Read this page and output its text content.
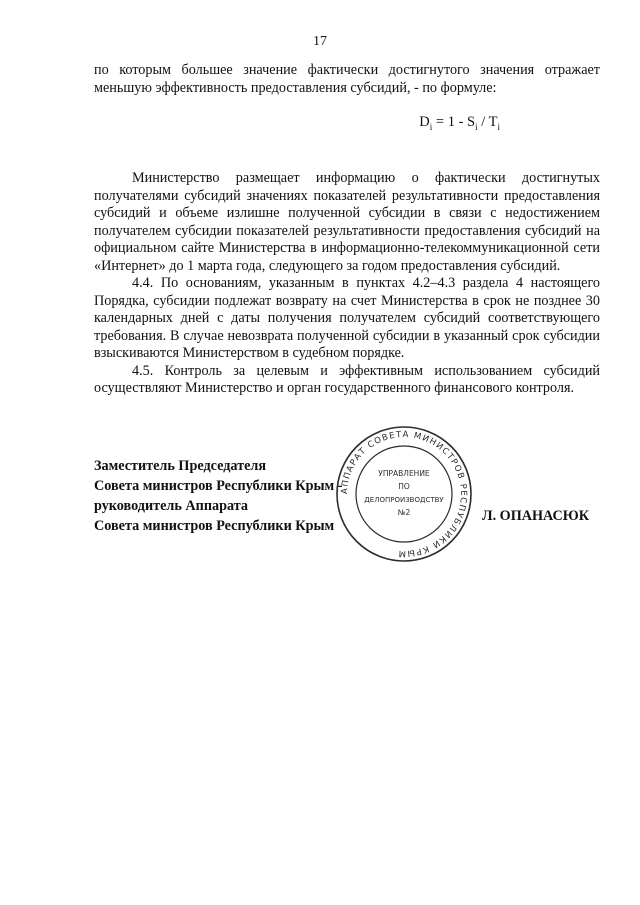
17

по которым большее значение фактически достигнутого значения отражает меньшую эффективность предоставления субсидий, - по формуле:

$D_i = 1 - S_i / T_i$

Министерство размещает информацию о фактически достигнутых получателями субсидий значениях показателей результативности предоставления субсидий и объеме излишне полученной субсидии в связи с недостижением получателем субсидии показателей результативности предоставления субсидий на официальном сайте Министерства в информационно-телекоммуникационной сети «Интернет» до 1 марта года, следующего за годом предоставления субсидий.

4.4. По основаниям, указанным в пунктах 4.2–4.3 раздела 4 настоящего Порядка, субсидии подлежат возврату на счет Министерства в срок не позднее 30 календарных дней с даты получения получателем субсидий соответствующего требования. В случае невозврата полученной субсидии в указанный срок субсидии взыскиваются Министерством в судебном порядке.

4.5. Контроль за целевым и эффективным использованием субсидий осуществляют Министерство и орган государственного финансового контроля.

Заместитель Председателя
Совета министров Республики Крым -
руководитель Аппарата
Совета министров Республики Крым
Л. ОПАНАСЮК
АППАРАТ СОВЕТА МИНИСТРОВ РЕСПУБЛИКИ КРЫМ
УПРАВЛЕНИЕ
ПО
ДЕЛОПРОИЗВОДСТВУ
№2
